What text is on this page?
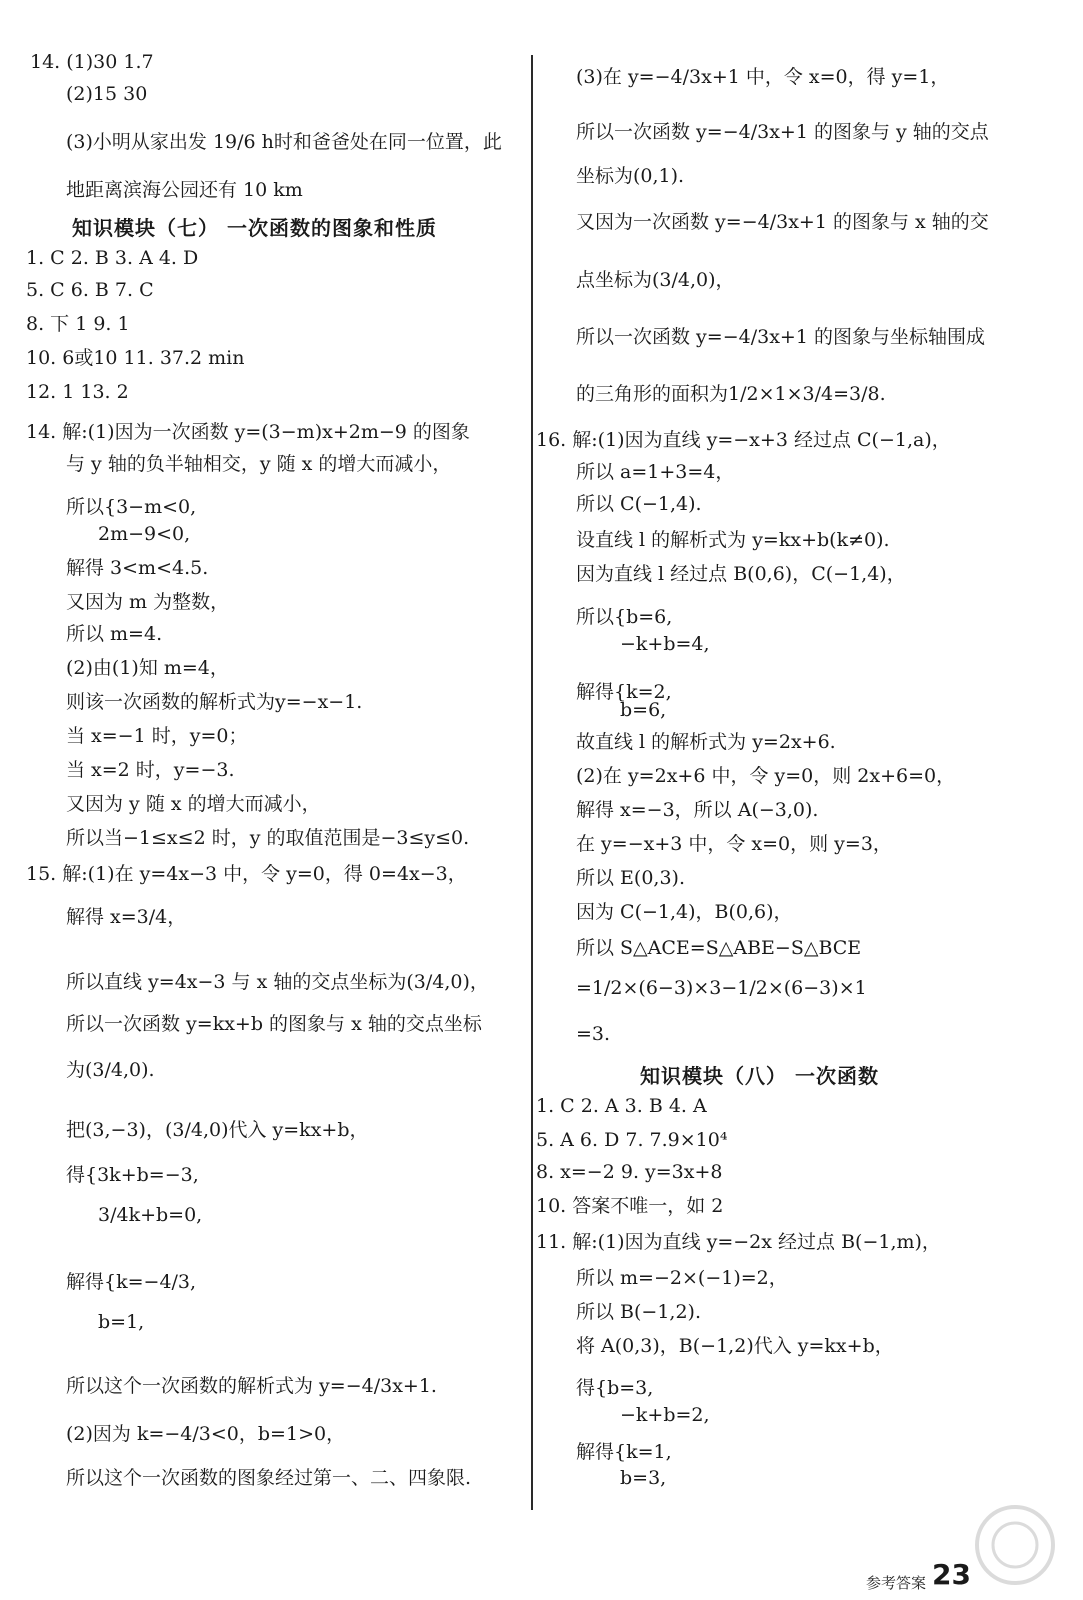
14. (1)30 1.7
(2)15 30
(3)小明从家出发 19/6 h时和爸爸处在同一位置，此
地距离滨海公园还有 10 km
知识模块（七） 一次函数的图象和性质
1. C 2. B 3. A 4. D
5. C 6. B 7. C
8. 下 1 9. 1
10. 6或10 11. 37.2 min
12. 1 13. 2
14. 解:(1)因为一次函数 y=(3−m)x+2m−9 的图象
与 y 轴的负半轴相交，y 随 x 的增大而减小，
所以{3−m<0,
2m−9<0,
解得 3<m<4.5.
又因为 m 为整数，
所以 m=4.
(2)由(1)知 m=4，
则该一次函数的解析式为y=−x−1.
当 x=−1 时，y=0；
当 x=2 时，y=−3.
又因为 y 随 x 的增大而减小，
所以当−1≤x≤2 时，y 的取值范围是−3≤y≤0.
15. 解:(1)在 y=4x−3 中，令 y=0，得 0=4x−3，
解得 x=3/4，
所以直线 y=4x−3 与 x 轴的交点坐标为(3/4,0)，
所以一次函数 y=kx+b 的图象与 x 轴的交点坐标
为(3/4,0).
把(3,−3)，(3/4,0)代入 y=kx+b，
得{3k+b=−3,
3/4k+b=0,
解得{k=−4/3,
b=1,
所以这个一次函数的解析式为 y=−4/3x+1.
(2)因为 k=−4/3<0，b=1>0，
所以这个一次函数的图象经过第一、二、四象限.
(3)在 y=−4/3x+1 中，令 x=0，得 y=1，
所以一次函数 y=−4/3x+1 的图象与 y 轴的交点
坐标为(0,1).
又因为一次函数 y=−4/3x+1 的图象与 x 轴的交
点坐标为(3/4,0)，
所以一次函数 y=−4/3x+1 的图象与坐标轴围成
的三角形的面积为1/2×1×3/4=3/8.
16. 解:(1)因为直线 y=−x+3 经过点 C(−1,a)，
所以 a=1+3=4，
所以 C(−1,4).
设直线 l 的解析式为 y=kx+b(k≠0).
因为直线 l 经过点 B(0,6)，C(−1,4)，
所以{b=6,
−k+b=4,
解得{k=2,
b=6,
故直线 l 的解析式为 y=2x+6.
(2)在 y=2x+6 中，令 y=0，则 2x+6=0，
解得 x=−3，所以 A(−3,0).
在 y=−x+3 中，令 x=0，则 y=3，
所以 E(0,3).
因为 C(−1,4)，B(0,6)，
所以 S△ACE=S△ABE−S△BCE
=1/2×(6−3)×3−1/2×(6−3)×1
=3.
知识模块（八） 一次函数
1. C 2. A 3. B 4. A
5. A 6. D 7. 7.9×10⁴
8. x=−2 9. y=3x+8
10. 答案不唯一，如 2
11. 解:(1)因为直线 y=−2x 经过点 B(−1,m)，
所以 m=−2×(−1)=2，
所以 B(−1,2).
将 A(0,3)，B(−1,2)代入 y=kx+b，
得{b=3,
−k+b=2,
解得{k=1,
b=3,
参考答案 23
